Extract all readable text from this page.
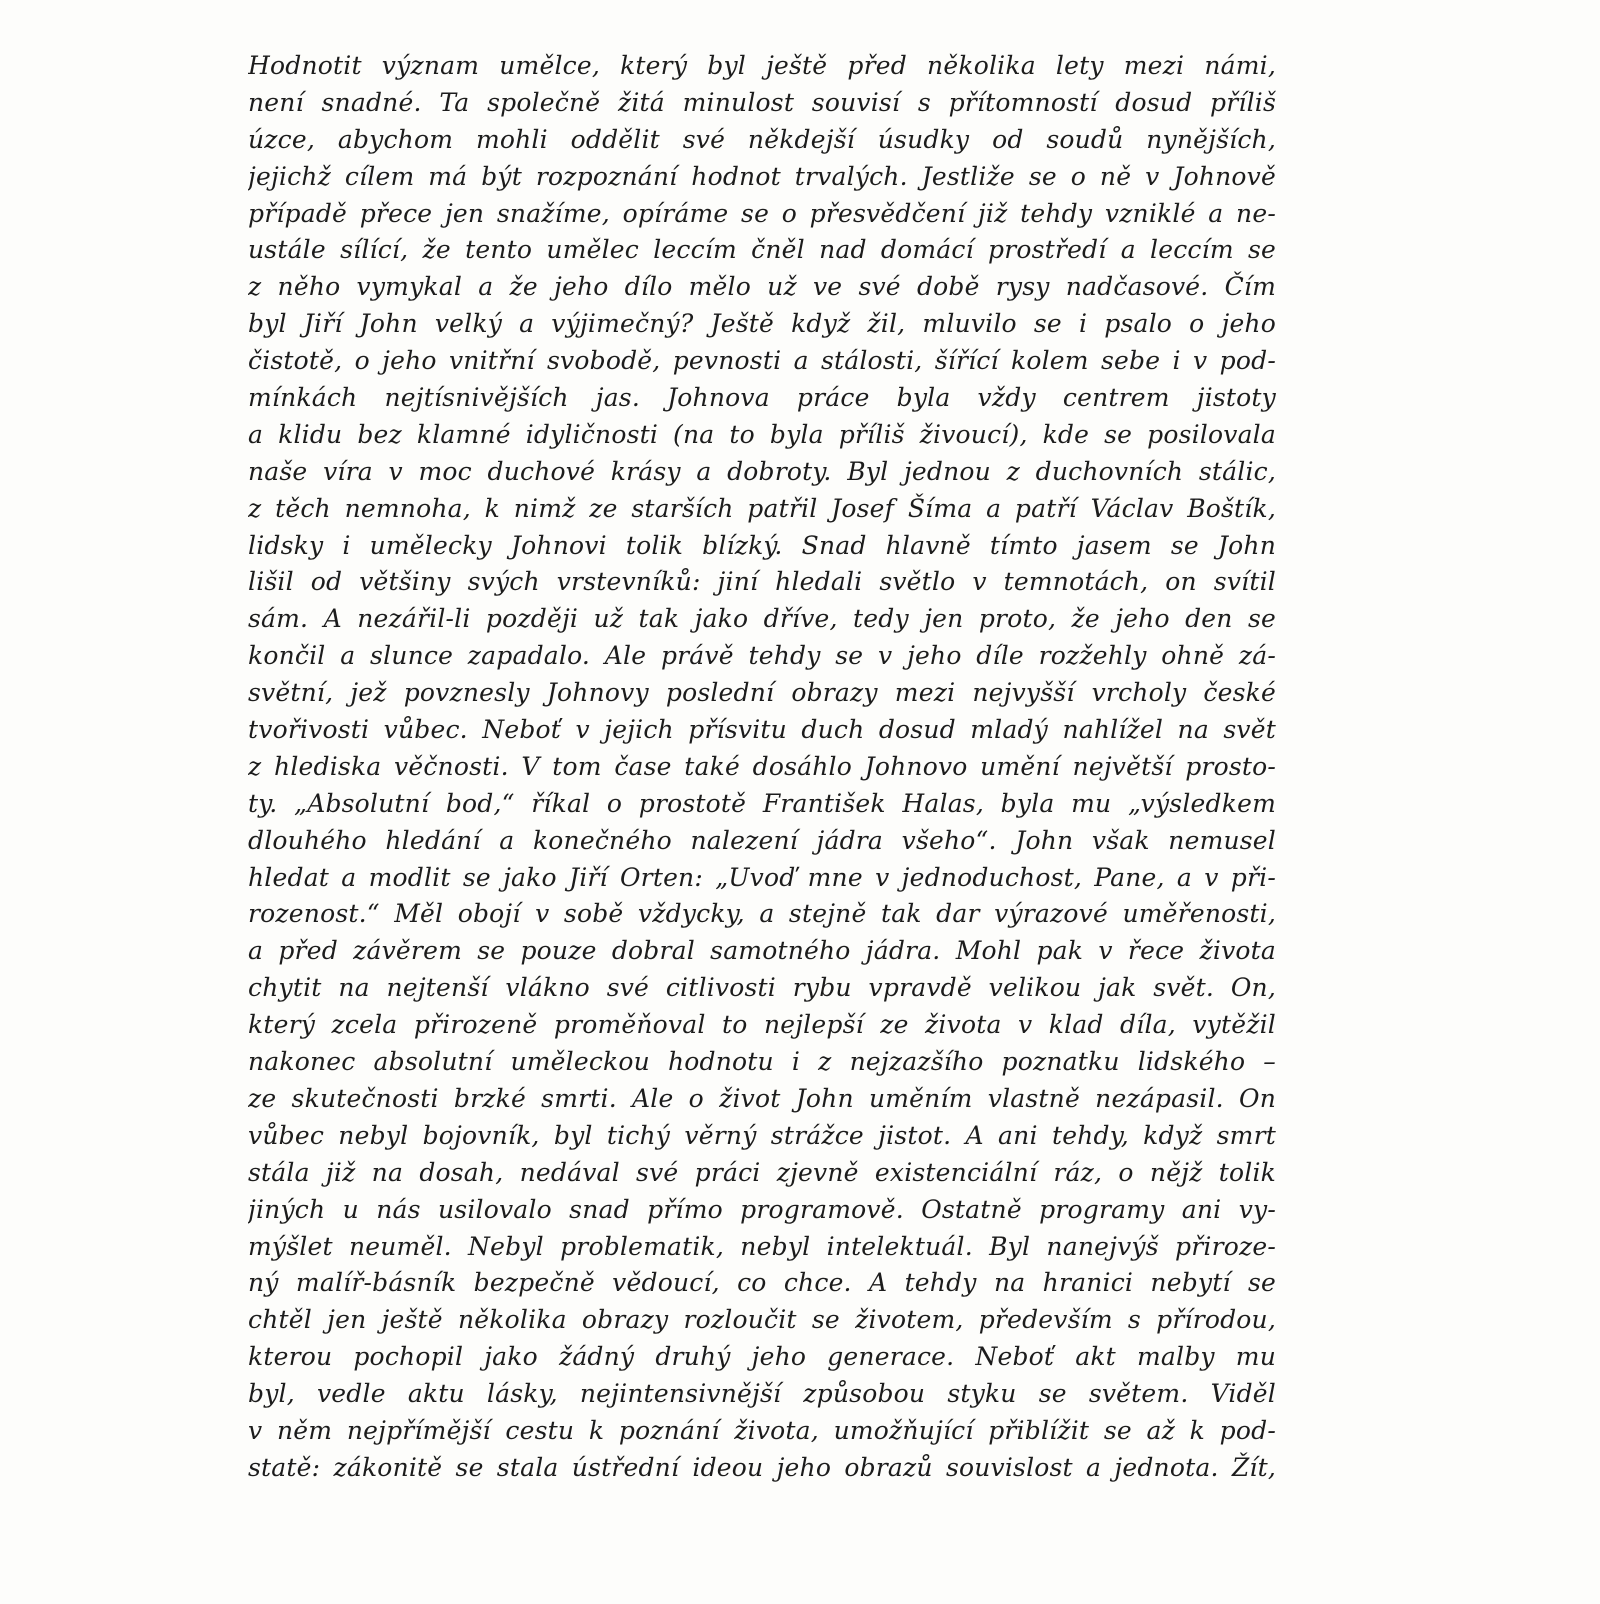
Hodnotit význam umělce, který byl ještě před několika lety mezi námi,
není snadné. Ta společně žitá minulost souvisí s přítomností dosud příliš
úzce, abychom mohli oddělit své někdejší úsudky od soudů nynějších,
jejichž cílem má být rozpoznání hodnot trvalých. Jestliže se o ně v Johnově
případě přece jen snažíme, opíráme se o přesvědčení již tehdy vzniklé a ne-
ustále sílící, že tento umělec leccím čněl nad domácí prostředí a leccím se
z něho vymykal a že jeho dílo mělo už ve své době rysy nadčasové. Čím
byl Jiří John velký a výjimečný? Ještě když žil, mluvilo se i psalo o jeho
čistotě, o jeho vnitřní svobodě, pevnosti a stálosti, šířící kolem sebe i v pod-
mínkách nejtísnivějších jas. Johnova práce byla vždy centrem jistoty
a klidu bez klamné idyličnosti (na to byla příliš živoucí), kde se posilovala
naše víra v moc duchové krásy a dobroty. Byl jednou z duchovních stálic,
z těch nemnoha, k nimž ze starších patřil Josef Šíma a patří Václav Boštík,
lidsky i umělecky Johnovi tolik blízký. Snad hlavně tímto jasem se John
lišil od většiny svých vrstevníků: jiní hledali světlo v temnotách, on svítil
sám. A nezářil-li později už tak jako dříve, tedy jen proto, že jeho den se
končil a slunce zapadalo. Ale právě tehdy se v jeho díle rozžehly ohně zá-
světní, jež povznesly Johnovy poslední obrazy mezi nejvyšší vrcholy české
tvořivosti vůbec. Neboť v jejich přísvitu duch dosud mladý nahlížel na svět
z hlediska věčnosti. V tom čase také dosáhlo Johnovo umění největší prosto-
ty. „Absolutní bod,“ říkal o prostotě František Halas, byla mu „výsledkem
dlouhého hledání a konečného nalezení jádra všeho“. John však nemusel
hledat a modlit se jako Jiří Orten: „Uvoď mne v jednoduchost, Pane, a v při-
rozenost.“ Měl obojí v sobě vždycky, a stejně tak dar výrazové uměřenosti,
a před závěrem se pouze dobral samotného jádra. Mohl pak v řece života
chytit na nejtenší vlákno své citlivosti rybu vpravdě velikou jak svět. On,
který zcela přirozeně proměňoval to nejlepší ze života v klad díla, vytěžil
nakonec absolutní uměleckou hodnotu i z nejzazšího poznatku lidského –
ze skutečnosti brzké smrti. Ale o život John uměním vlastně nezápasil. On
vůbec nebyl bojovník, byl tichý věrný strážce jistot. A ani tehdy, když smrt
stála již na dosah, nedával své práci zjevně existenciální ráz, o nějž tolik
jiných u nás usilovalo snad přímo programově. Ostatně programy ani vy-
mýšlet neuměl. Nebyl problematik, nebyl intelektuál. Byl nanejvýš přiroze-
ný malíř-básník bezpečně vědoucí, co chce. A tehdy na hranici nebytí se
chtěl jen ještě několika obrazy rozloučit se životem, především s přírodou,
kterou pochopil jako žádný druhý jeho generace. Neboť akt malby mu
byl, vedle aktu lásky, nejintensivnější způsobou styku se světem. Viděl
v něm nejpřímější cestu k poznání života, umožňující přiblížit se až k pod-
statě: zákonitě se stala ústřední ideou jeho obrazů souvislost a jednota. Žít,
